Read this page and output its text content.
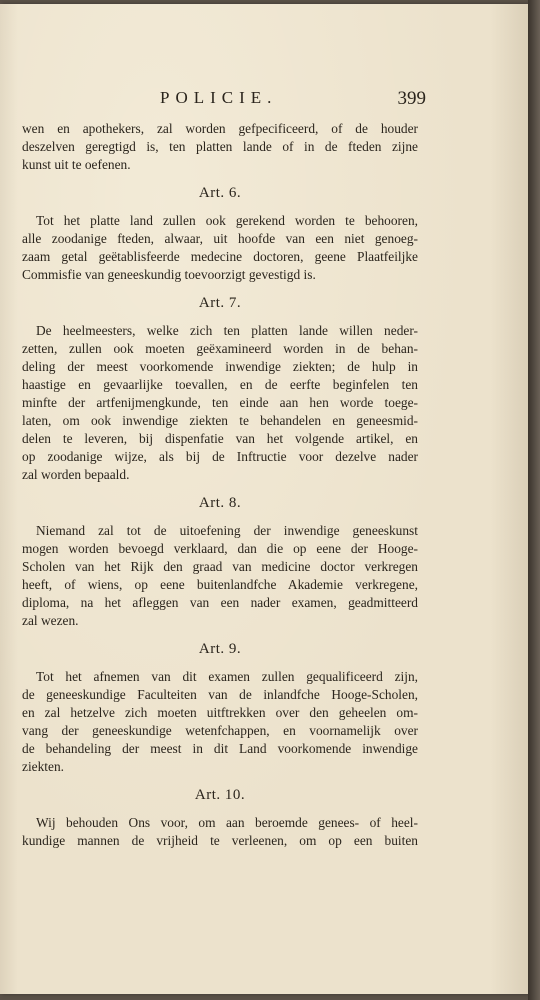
POLICIE.	399
wen en apothekers, zal worden gefpecificeerd, of de houder
deszelven geregtigd is, ten platten lande of in de fteden zijne
kunst uit te oefenen.
Art. 6.
Tot het platte land zullen ook gerekend worden te behooren,
alle zoodanige fteden, alwaar, uit hoofde van een niet genoeg-
zaam getal geëtablisfeerde medecine doctoren, geene Plaatfeiljke
Commisfie van geneeskundig toevoorzigt gevestigd is.
Art. 7.
De heelmeesters, welke zich ten platten lande willen neder-
zetten, zullen ook moeten geëxamineerd worden in de behan-
deling der meest voorkomende inwendige ziekten; de hulp in
haastige en gevaarlijke toevallen, en de eerfte beginfelen ten
minfte der artfenijmengkunde, ten einde aan hen worde toege-
laten, om ook inwendige ziekten te behandelen en geneesmid-
delen te leveren, bij dispenfatie van het volgende artikel, en
op zoodanige wijze, als bij de Inftructie voor dezelve nader
zal worden bepaald.
Art. 8.
Niemand zal tot de uitoefening der inwendige geneeskunst
mogen worden bevoegd verklaard, dan die op eene der Hooge-
Scholen van het Rijk den graad van medicine doctor verkregen
heeft, of wiens, op eene buitenlandfche Akademie verkregene,
diploma, na het afleggen van een nader examen, geadmitteerd
zal wezen.
Art. 9.
Tot het afnemen van dit examen zullen gequalificeerd zijn,
de geneeskundige Faculteiten van de inlandfche Hooge-Scholen,
en zal hetzelve zich moeten uitftrekken over den geheelen om-
vang der geneeskundige wetenfchappen, en voornamelijk over
de behandeling der meest in dit Land voorkomende inwendige
ziekten.
Art. 10.
Wij behouden Ons voor, om aan beroemde genees- of heel-
kundige mannen de vrijheid te verleenen, om op een buiten
